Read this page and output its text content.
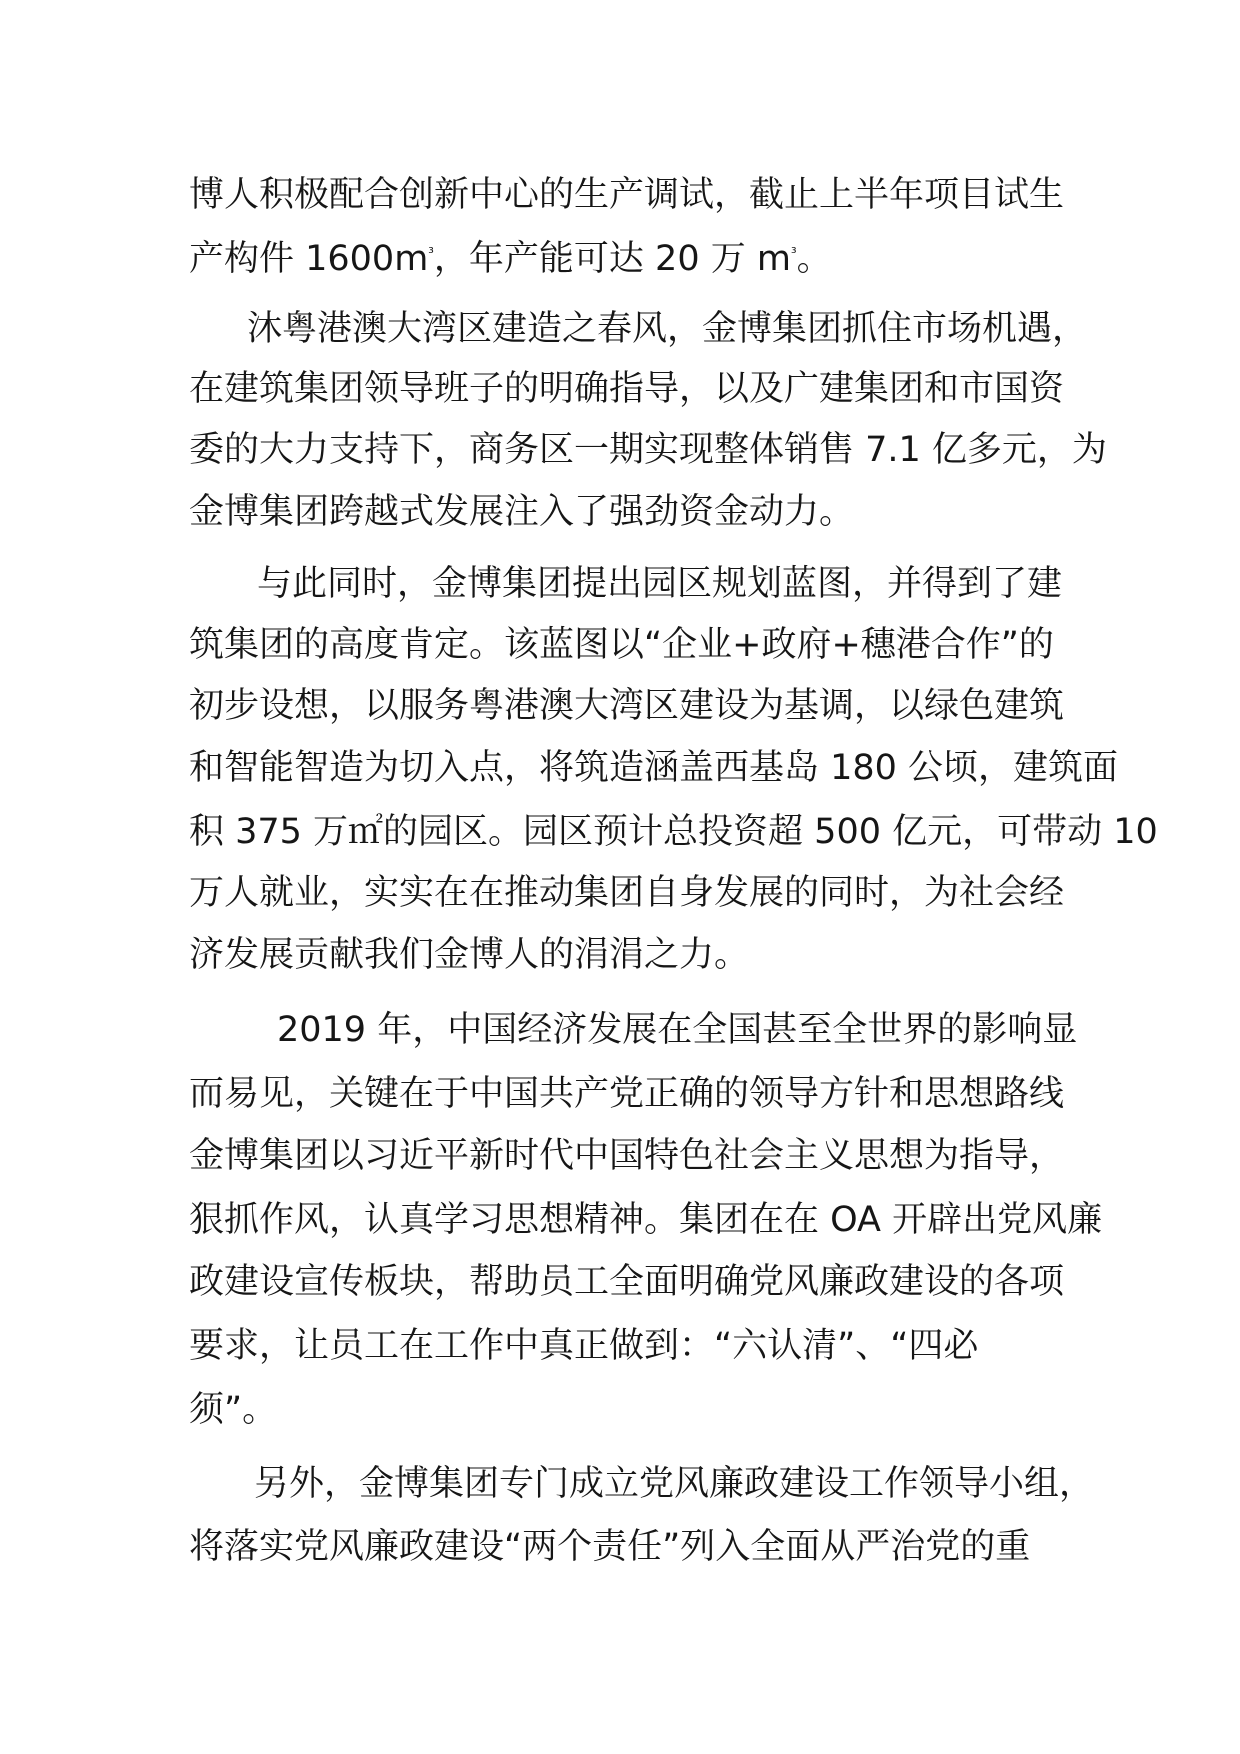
博人积极配合创新中心的生产调试，截止上半年项目试生
产构件 $1600m^{^3}$，年产能可达 20 万 $m^{^3}$。
沐粤港澳大湾区建造之春风，金博集团抓住市场机遇，
在建筑集团领导班子的明确指导，以及广建集团和市国资
委的大力支持下，商务区一期实现整体销售 7.1 亿多元，为
金博集团跨越式发展注入了强劲资金动力。
与此同时，金博集团提出园区规划蓝图，并得到了建
筑集团的高度肯定。该蓝图以“企业+政府+穗港合作”的
初步设想，以服务粤港澳大湾区建设为基调，以绿色建筑
和智能智造为切入点，将筑造涵盖西基岛 180 公顷，建筑面
积 375 万㎡的园区。园区预计总投资超 500 亿元，可带动 10
万人就业，实实在在推动集团自身发展的同时，为社会经
济发展贡献我们金博人的涓涓之力。
2019 年，中国经济发展在全国甚至全世界的影响显
而易见，关键在于中国共产党正确的领导方针和思想路线
金博集团以习近平新时代中国特色社会主义思想为指导，
狠抓作风，认真学习思想精神。集团在在 OA 开辟出党风廉
政建设宣传板块，帮助员工全面明确党风廉政建设的各项
要求，让员工在工作中真正做到：“六认清”、“四必
须”。
另外，金博集团专门成立党风廉政建设工作领导小组，
将落实党风廉政建设“两个责任”列入全面从严治党的重
